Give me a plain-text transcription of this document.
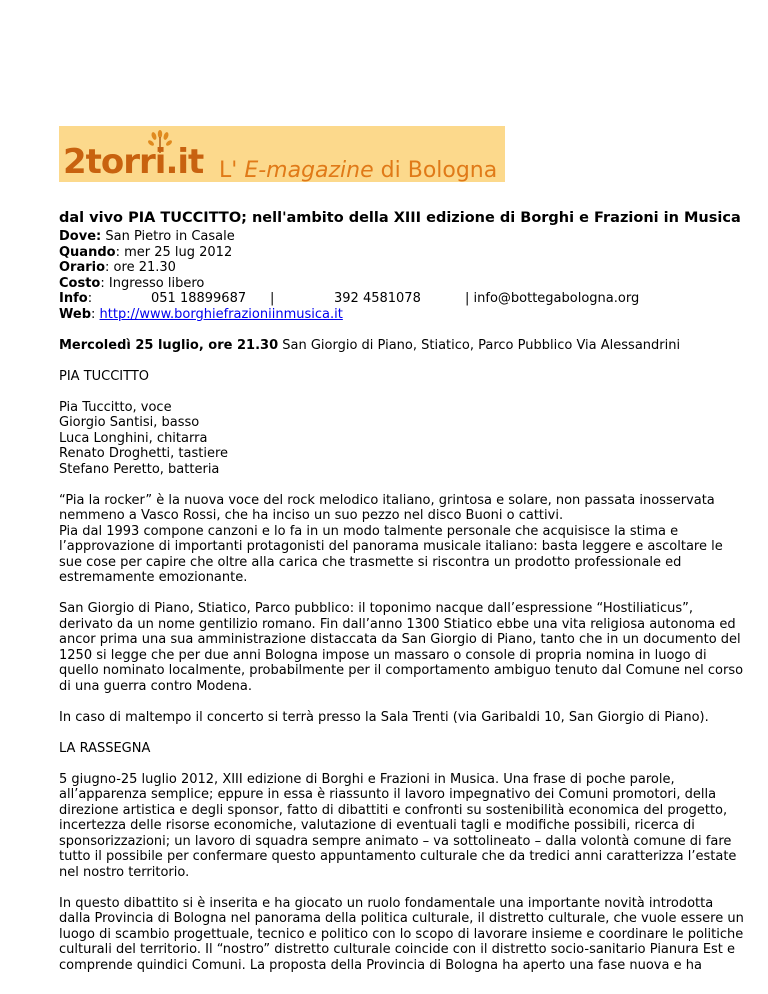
2torri.it L' E-magazine di Bologna
dal vivo PIA TUCCITTO; nell'ambito della XIII edizione di Borghi e Frazioni in Musica
Dove: San Pietro in Casale
Quando: mer 25 lug 2012
Orario: ore 21.30
Costo: Ingresso libero
Info:	051 18899687 |	392 4581078	| info@bottegabologna.org
Web: http://www.borghiefrazioniinmusica.it

Mercoledì 25 luglio, ore 21.30 San Giorgio di Piano, Stiatico, Parco Pubblico Via Alessandrini

PIA TUCCITTO

Pia Tuccitto, voce
Giorgio Santisi, basso
Luca Longhini, chitarra
Renato Droghetti, tastiere
Stefano Peretto, batteria
“Pia la rocker” è la nuova voce del rock melodico italiano, grintosa e solare, non passata inosservata
nemmeno a Vasco Rossi, che ha inciso un suo pezzo nel disco Buoni o cattivi.
Pia dal 1993 compone canzoni e lo fa in un modo talmente personale che acquisisce la stima e
l’approvazione di importanti protagonisti del panorama musicale italiano: basta leggere e ascoltare le
sue cose per capire che oltre alla carica che trasmette si riscontra un prodotto professionale ed
estremamente emozionante.
San Giorgio di Piano, Stiatico, Parco pubblico: il toponimo nacque dall’espressione “Hostiliaticus”,
derivato da un nome gentilizio romano. Fin dall’anno 1300 Stiatico ebbe una vita religiosa autonoma ed
ancor prima una sua amministrazione distaccata da San Giorgio di Piano, tanto che in un documento del
1250 si legge che per due anni Bologna impose un massaro o console di propria nomina in luogo di
quello nominato localmente, probabilmente per il comportamento ambiguo tenuto dal Comune nel corso
di una guerra contro Modena.

In caso di maltempo il concerto si terrà presso la Sala Trenti (via Garibaldi 10, San Giorgio di Piano).

LA RASSEGNA

5 giugno-25 luglio 2012, XIII edizione di Borghi e Frazioni in Musica. Una frase di poche parole,
all’apparenza semplice; eppure in essa è riassunto il lavoro impegnativo dei Comuni promotori, della
direzione artistica e degli sponsor, fatto di dibattiti e confronti su sostenibilità economica del progetto,
incertezza delle risorse economiche, valutazione di eventuali tagli e modifiche possibili, ricerca di
sponsorizzazioni; un lavoro di squadra sempre animato – va sottolineato – dalla volontà comune di fare
tutto il possibile per confermare questo appuntamento culturale che da tredici anni caratterizza l’estate
nel nostro territorio.
In questo dibattito si è inserita e ha giocato un ruolo fondamentale una importante novità introdotta
dalla Provincia di Bologna nel panorama della politica culturale, il distretto culturale, che vuole essere un
luogo di scambio progettuale, tecnico e politico con lo scopo di lavorare insieme e coordinare le politiche
culturali del territorio. Il “nostro” distretto culturale coincide con il distretto socio-sanitario Pianura Est e
comprende quindici Comuni. La proposta della Provincia di Bologna ha aperto una fase nuova e ha
